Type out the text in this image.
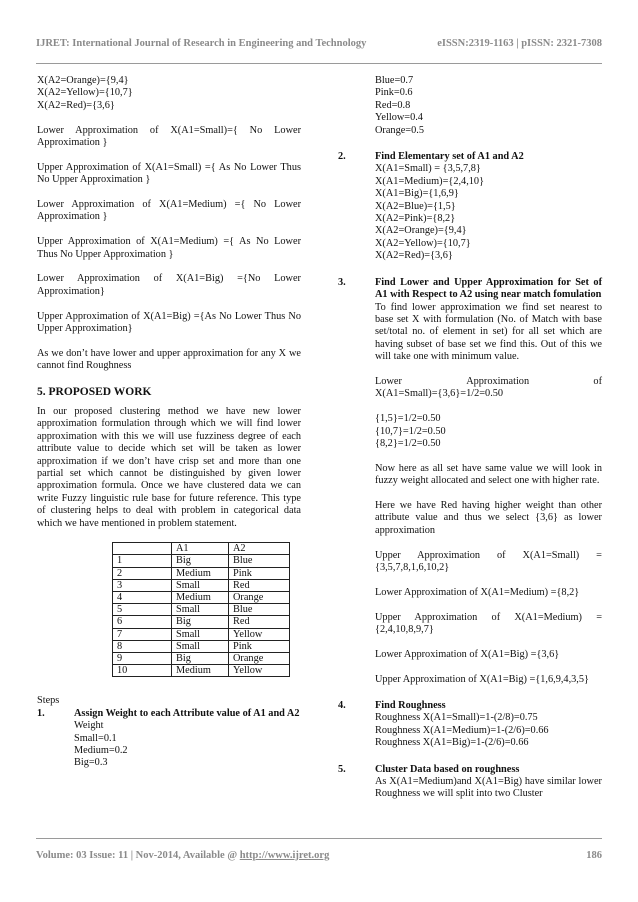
IJRET: International Journal of Research in Engineering and Technology	eISSN:2319-1163 | pISSN: 2321-7308

X(A2=Orange)={9,4}

X(A2=Yellow)={10,7}

X(A2=Red)={3,6}

Lower Approximation of X(A1=Small)={ No Lower Approximation }

Upper Approximation of X(A1=Small) ={ As No Lower Thus No Upper Approximation }

Lower Approximation of X(A1=Medium) ={ No Lower Approximation }

Upper Approximation of X(A1=Medium) ={ As No Lower Thus No Upper Approximation }

Lower Approximation of X(A1=Big) ={No Lower Approximation}

Upper Approximation of X(A1=Big) ={As No Lower Thus No Upper Approximation}

As we don’t have lower and upper approximation for any X we cannot find Roughness

5. PROPOSED WORK

In our proposed clustering method we have new lower approximation formulation through which we will find lower approximation with this we will use fuzziness degree of each attribute value to decide which set will be taken as lower approximation if we don’t have crisp set and more than one partial set which cannot be distinguished by given lower approximation formula. Once we have clustered data we can write Fuzzy linguistic rule base for future reference. This type of clustering helps to deal with problem in categorical data which we have mentioned in problem statement.

	A1	A2
1	Big	Blue
2	Medium	Pink
3	Small	Red
4	Medium	Orange
5	Small	Blue
6	Big	Red
7	Small	Yellow
8	Small	Pink
9	Big	Orange
10	Medium	Yellow

Steps

1.	Assign Weight to each Attribute value of A1 and A2

Weight

Small=0.1

Medium=0.2

Big=0.3

Blue=0.7

Pink=0.6

Red=0.8

Yellow=0.4

Orange=0.5

2.	Find Elementary set of A1 and A2

X(A1=Small) = {3,5,7,8}

X(A1=Medium)={2,4,10}

X(A1=Big)={1,6,9}

X(A2=Blue)={1,5}

X(A2=Pink)={8,2}

X(A2=Orange)={9,4}

X(A2=Yellow)={10,7}

X(A2=Red)={3,6}

3.	Find Lower and Upper Approximation for Set of A1 with Respect to A2 using near match fomulation

To find lower approximation we find set nearest to base set X with formulation (No. of Match with base set/total no. of element in set) for all set which are having subset of base set we find this. Out of this we will take one with minimum value.

Lower	Approximation	of

X(A1=Small)={3,6}=1/2=0.50

{1,5}=1/2=0.50

{10,7}=1/2=0.50

{8,2}=1/2=0.50

Now here as all set have same value we will look in fuzzy weight allocated and select one with higher rate.

Here we have Red having higher weight than other attribute value and thus we select {3,6} as lower approximation

Upper Approximation of X(A1=Small) ={3,5,7,8,1,6,10,2}

Lower Approximation of X(A1=Medium) ={8,2}

Upper Approximation of X(A1=Medium) ={2,4,10,8,9,7}

Lower Approximation of X(A1=Big) ={3,6}

Upper Approximation of X(A1=Big) ={1,6,9,4,3,5}

4.	Find Roughness

Roughness X(A1=Small)=1-(2/8)=0.75

Roughness X(A1=Medium)=1-(2/6)=0.66

Roughness X(A1=Big)=1-(2/6)=0.66

5.	Cluster Data based on roughness

As X(A1=Medium)and X(A1=Big) have similar lower Roughness we will split into two Cluster

Volume: 03 Issue: 11 | Nov-2014, Available @ http://www.ijret.org	186
